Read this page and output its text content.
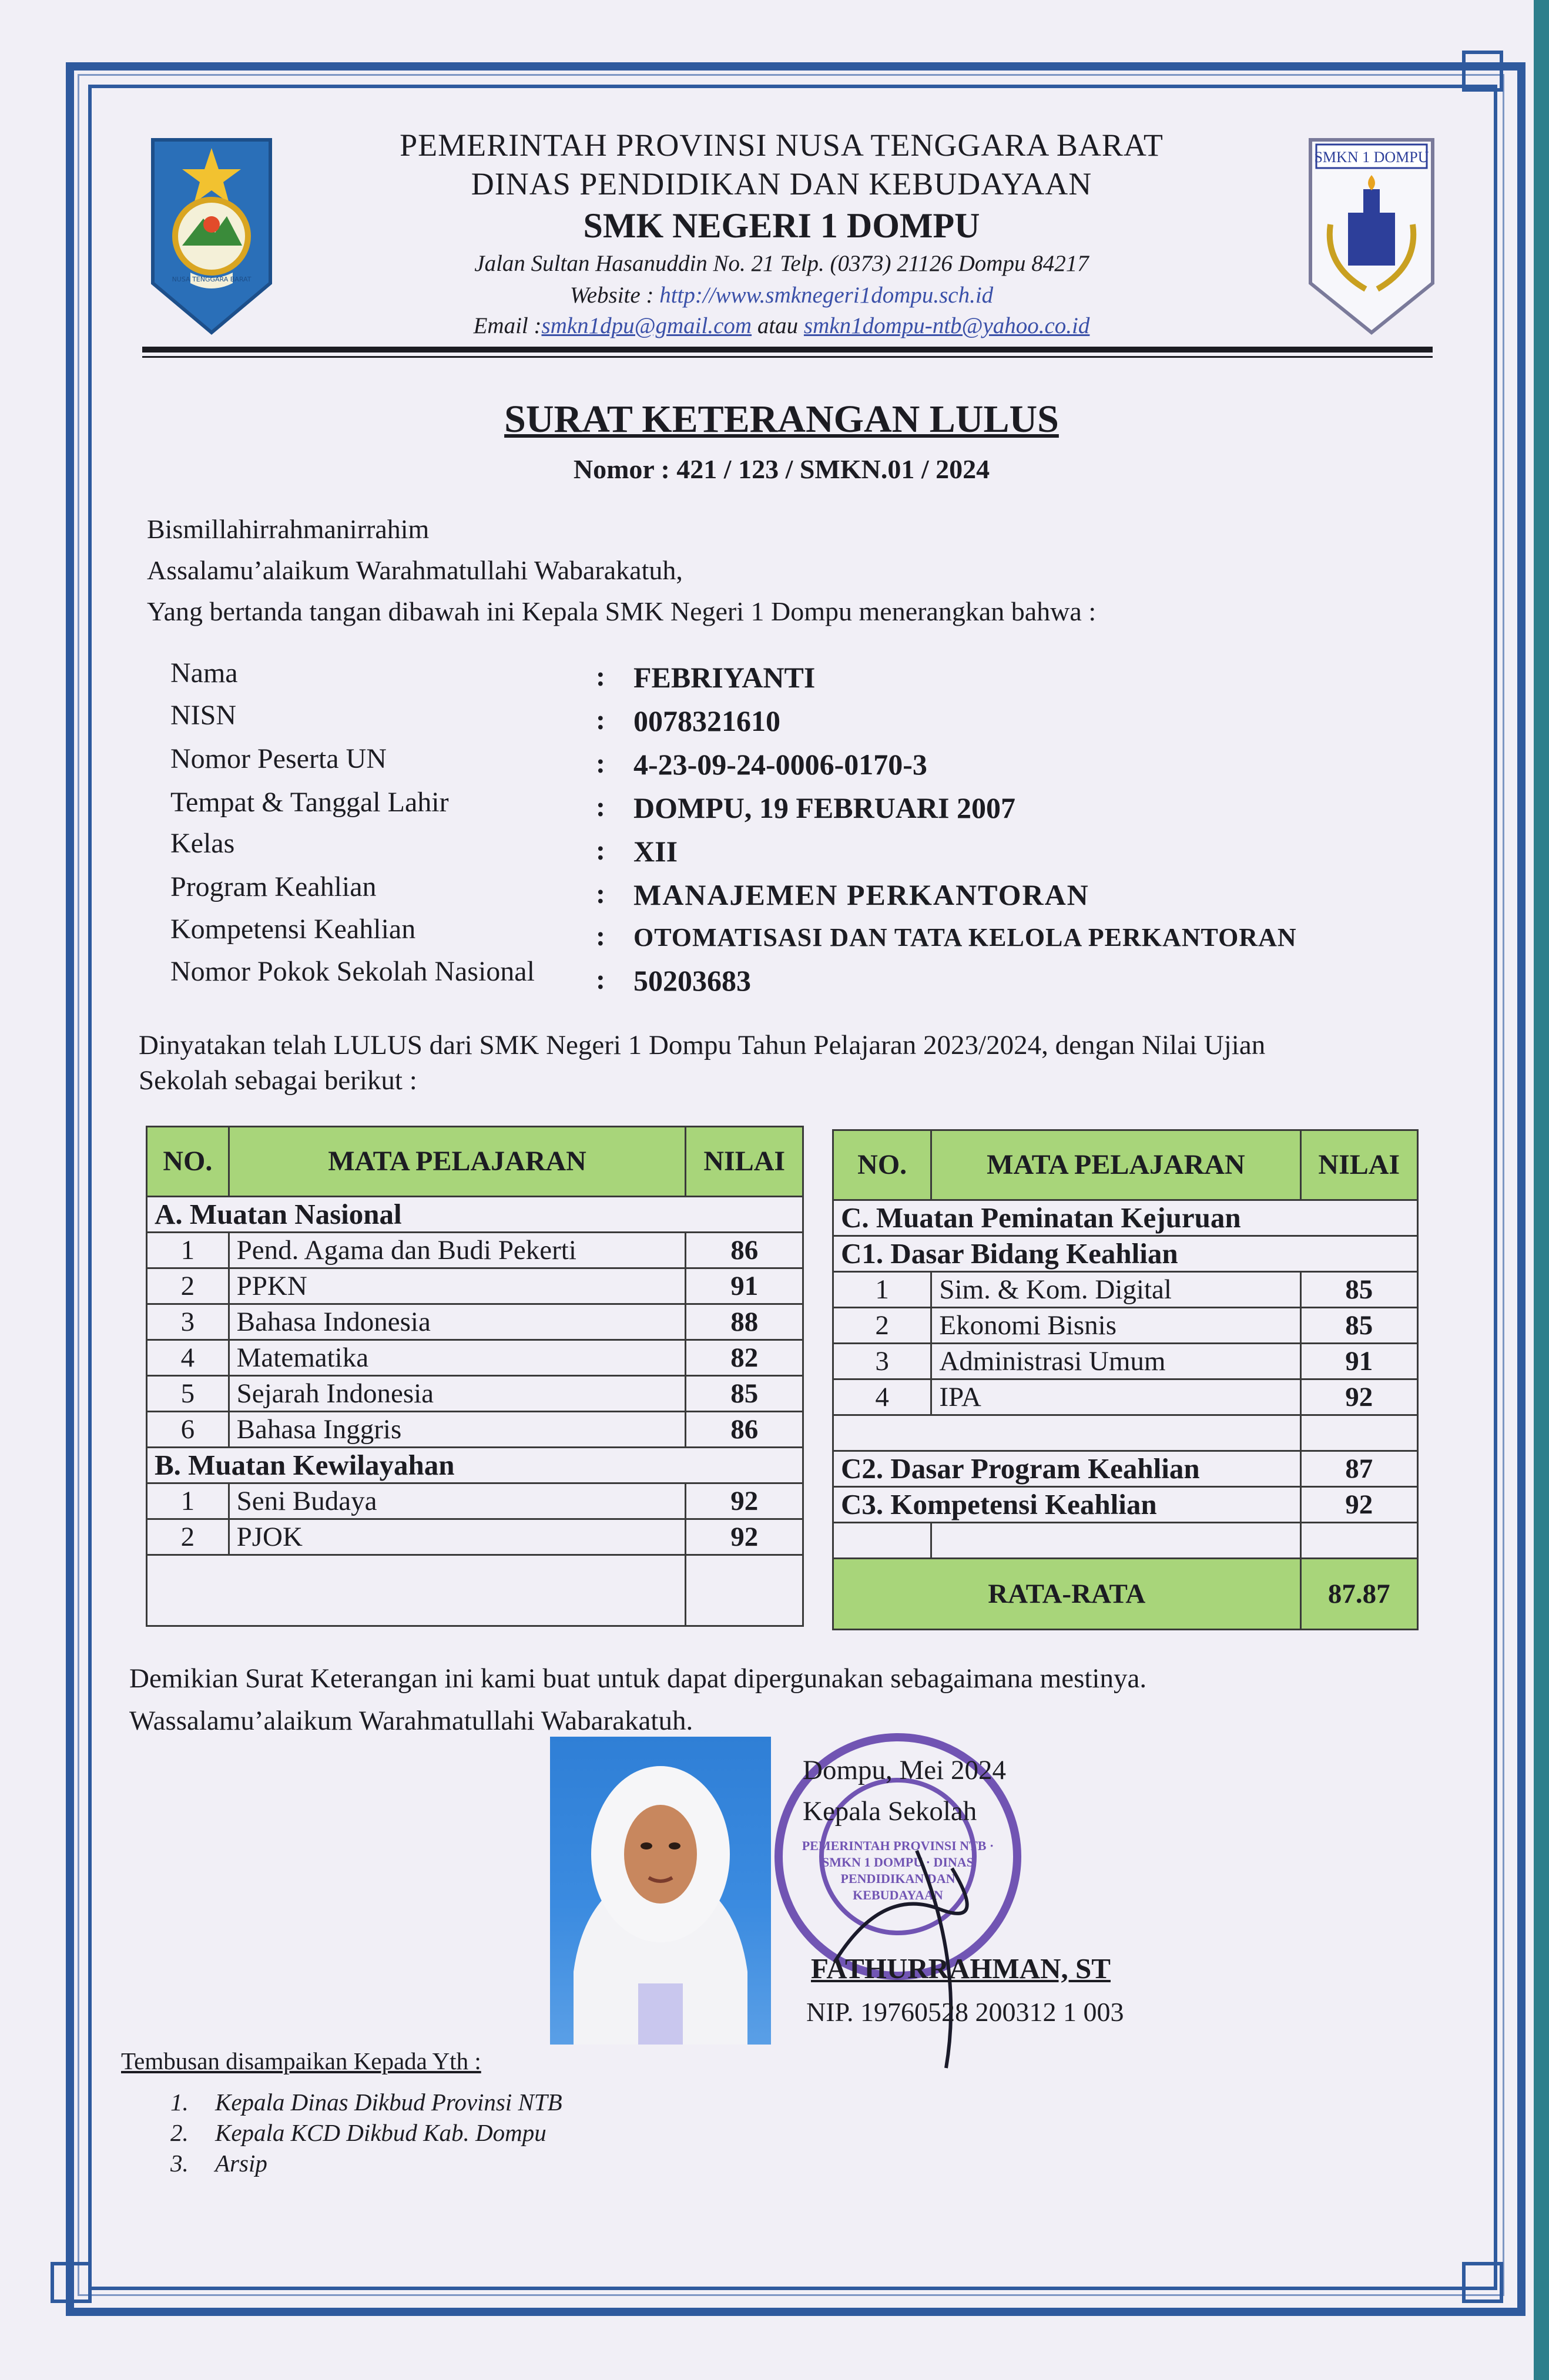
NUSA TENGGARA BARAT
SMKN 1 DOMPU
PEMERINTAH PROVINSI NUSA TENGGARA BARAT
DINAS PENDIDIKAN DAN KEBUDAYAAN
SMK NEGERI 1 DOMPU
Jalan Sultan Hasanuddin No. 21 Telp. (0373) 21126 Dompu 84217
Website : http://www.smknegeri1dompu.sch.id
Email :smkn1dpu@gmail.com atau smkn1dompu-ntb@yahoo.co.id
SURAT KETERANGAN LULUS
Nomor : 421 / 123 / SMKN.01 / 2024
Bismillahirrahmanirrahim
Assalamu’alaikum Warahmatullahi Wabarakatuh,
Yang bertanda tangan dibawah ini Kepala SMK Negeri 1 Dompu menerangkan bahwa :
Nama	: FEBRIYANTI
NISN	: 0078321610
Nomor Peserta UN	: 4-23-09-24-0006-0170-3
Tempat & Tanggal Lahir	: DOMPU, 19 FEBRUARI 2007
Kelas	: XII
Program Keahlian	: MANAJEMEN PERKANTORAN
Kompetensi Keahlian	: OTOMATISASI DAN TATA KELOLA PERKANTORAN
Nomor Pokok Sekolah Nasional : 50203683
Dinyatakan telah LULUS dari SMK Negeri 1 Dompu Tahun Pelajaran 2023/2024, dengan Nilai Ujian
Sekolah sebagai berikut :
NO.	MATA PELAJARAN	NILAI
A. Muatan Nasional		
1	Pend. Agama dan Budi Pekerti	86
2	PPKN	91
3	Bahasa Indonesia	88
4	Matematika	82
5	Sejarah Indonesia	85
6	Bahasa Inggris	86
B. Muatan Kewilayahan		
1	Seni Budaya	92
2	PJOK	92

NO.	MATA PELAJARAN	NILAI
C. Muatan Peminatan Kejuruan		
C1. Dasar Bidang Keahlian		
1	Sim. & Kom. Digital	85
2	Ekonomi Bisnis	85
3	Administrasi Umum	91
4	IPA	92

C2. Dasar Program Keahlian		87
C3. Kompetensi Keahlian		92

RATA-RATA		87.87
Demikian Surat Keterangan ini kami buat untuk dapat dipergunakan sebagaimana mestinya.
Wassalamu’alaikum Warahmatullahi Wabarakatuh.
PEMERINTAH PROVINSI NTB · SMKN 1 DOMPU · DINAS PENDIDIKAN DAN KEBUDAYAAN
Dompu, Mei 2024
Kepala Sekolah
FATHURRAHMAN, ST
NIP. 19760528 200312 1 003
Tembusan disampaikan Kepada Yth :
1. Kepala Dinas Dikbud Provinsi NTB
2. Kepala KCD Dikbud Kab. Dompu
3. Arsip
